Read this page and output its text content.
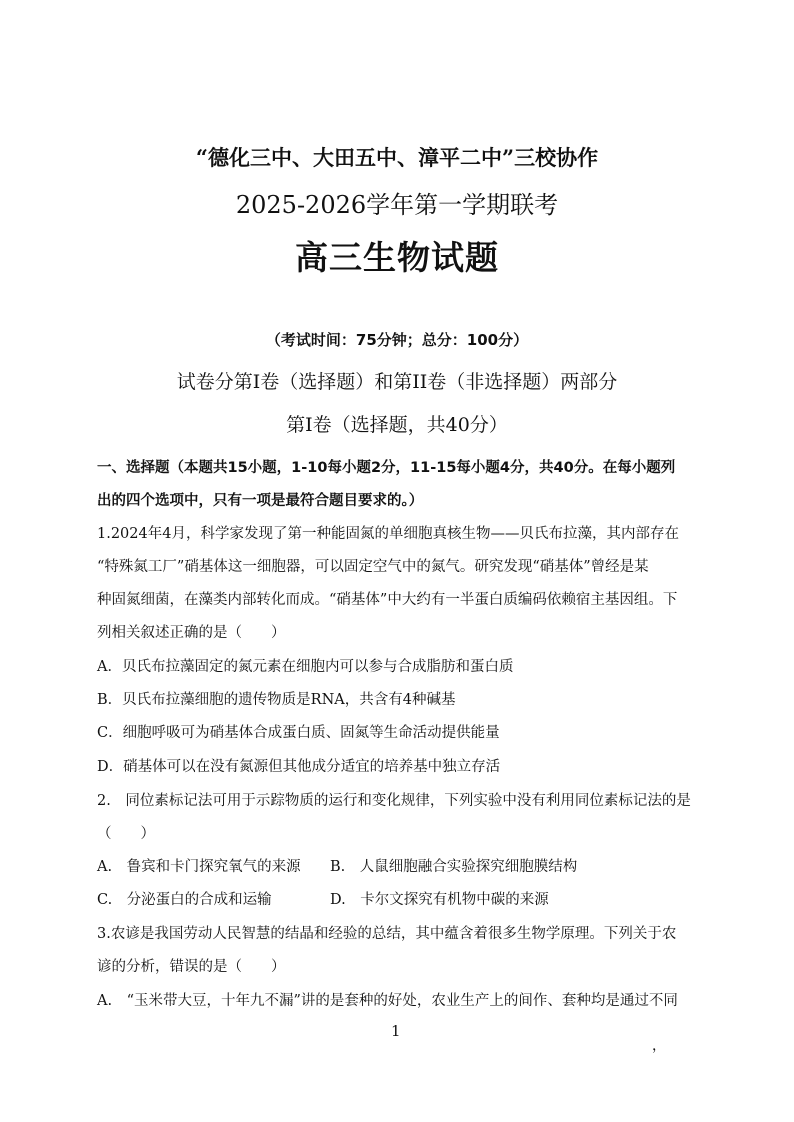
“德化三中、大田五中、漳平二中”三校协作
2025-2026学年第一学期联考
高三生物试题
（考试时间：75分钟；总分：100分）
试卷分第Ⅰ卷（选择题）和第II卷（非选择题）两部分
第Ⅰ卷（选择题，共40分）
一、选择题（本题共15小题，1-10每小题2分，11-15每小题4分，共40分。在每小题列
出的四个选项中，只有一项是最符合题目要求的。）
1.2024年4月，科学家发现了第一种能固氮的单细胞真核生物——贝氏布拉藻，其内部存在
“特殊氮工厂”硝基体这一细胞器，可以固定空气中的氮气。研究发现“硝基体”曾经是某
种固氮细菌，在藻类内部转化而成。“硝基体”中大约有一半蛋白质编码依赖宿主基因组。下
列相关叙述正确的是（　　）
A．贝氏布拉藻固定的氮元素在细胞内可以参与合成脂肪和蛋白质
B．贝氏布拉藻细胞的遗传物质是RNA，共含有4种碱基
C．细胞呼吸可为硝基体合成蛋白质、固氮等生命活动提供能量
D．硝基体可以在没有氮源但其他成分适宜的培养基中独立存活
2.　同位素标记法可用于示踪物质的运行和变化规律，下列实验中没有利用同位素标记法的是
（　　）
A.　鲁宾和卡门探究氧气的来源	B.　人鼠细胞融合实验探究细胞膜结构
C.　分泌蛋白的合成和运输	D.　卡尔文探究有机物中碳的来源
3.农谚是我国劳动人民智慧的结晶和经验的总结，其中蕴含着很多生物学原理。下列关于农
谚的分析，错误的是（　　）
A.　“玉米带大豆，十年九不漏”讲的是套种的好处，农业生产上的间作、套种均是通过不同
1
，
